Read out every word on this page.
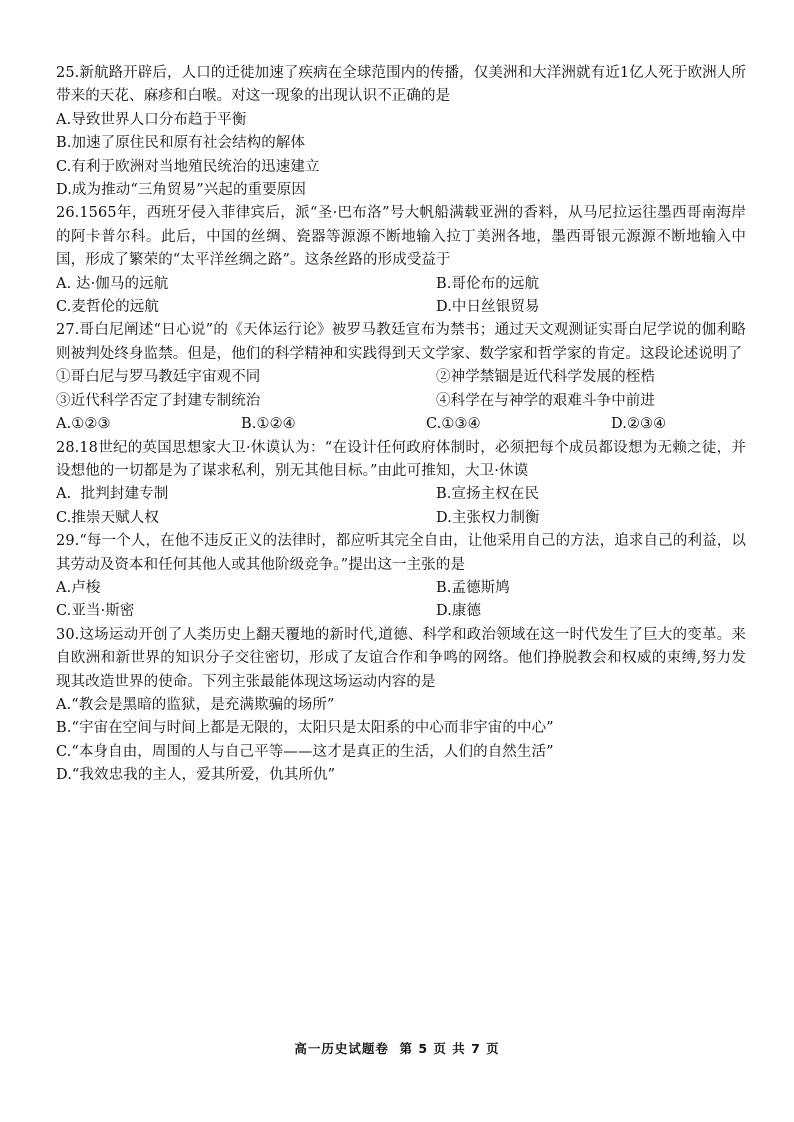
25.新航路开辟后，人口的迁徙加速了疾病在全球范围内的传播，仅美洲和大洋洲就有近1亿人死于欧洲人所带来的天花、麻疹和白喉。对这一现象的出现认识不正确的是

A.导致世界人口分布趋于平衡

B.加速了原住民和原有社会结构的解体

C.有利于欧洲对当地殖民统治的迅速建立

D.成为推动“三角贸易”兴起的重要原因

26.1565年，西班牙侵入菲律宾后，派“圣·巴布洛”号大帆船满载亚洲的香料，从马尼拉运往墨西哥南海岸的阿卡普尔科。此后，中国的丝绸、瓷器等源源不断地输入拉丁美洲各地，墨西哥银元源源不断地输入中国，形成了繁荣的“太平洋丝绸之路”。这条丝路的形成受益于

A. 达·伽马的远航	B.哥伦布的远航
C.麦哲伦的远航	D.中日丝银贸易

27.哥白尼阐述“日心说”的《天体运行论》被罗马教廷宣布为禁书；通过天文观测证实哥白尼学说的伽利略则被判处终身监禁。但是，他们的科学精神和实践得到天文学家、数学家和哲学家的肯定。这段论述说明了

①哥白尼与罗马教廷宇宙观不同	②神学禁锢是近代科学发展的桎梏
③近代科学否定了封建专制统治	④科学在与神学的艰难斗争中前进
A.①②③	B.①②④	C.①③④	D.②③④

28.18世纪的英国思想家大卫·休谟认为：“在设计任何政府体制时，必须把每个成员都设想为无赖之徒，并设想他的一切都是为了谋求私利，别无其他目标。”由此可推知，大卫·休谟

A.  批判封建专制	B.宣扬主权在民
C.推崇天赋人权	D.主张权力制衡

29.“每一个人，在他不违反正义的法律时，都应听其完全自由，让他采用自己的方法，追求自己的利益，以其劳动及资本和任何其他人或其他阶级竞争。”提出这一主张的是

A.卢梭	B.孟德斯鸠
C.亚当·斯密	D.康德

30.这场运动开创了人类历史上翻天覆地的新时代,道德、科学和政治领域在这一时代发生了巨大的变革。来自欧洲和新世界的知识分子交往密切，形成了友谊合作和争鸣的网络。他们挣脱教会和权威的束缚,努力发现其改造世界的使命。下列主张最能体现这场运动内容的是

A.“教会是黑暗的监狱，是充满欺骗的场所”

B.“宇宙在空间与时间上都是无限的，太阳只是太阳系的中心而非宇宙的中心”

C.“本身自由，周围的人与自己平等——这才是真正的生活，人们的自然生活”

D.“我效忠我的主人，爱其所爱，仇其所仇”

高一历史试题卷  第 5 页 共 7 页
